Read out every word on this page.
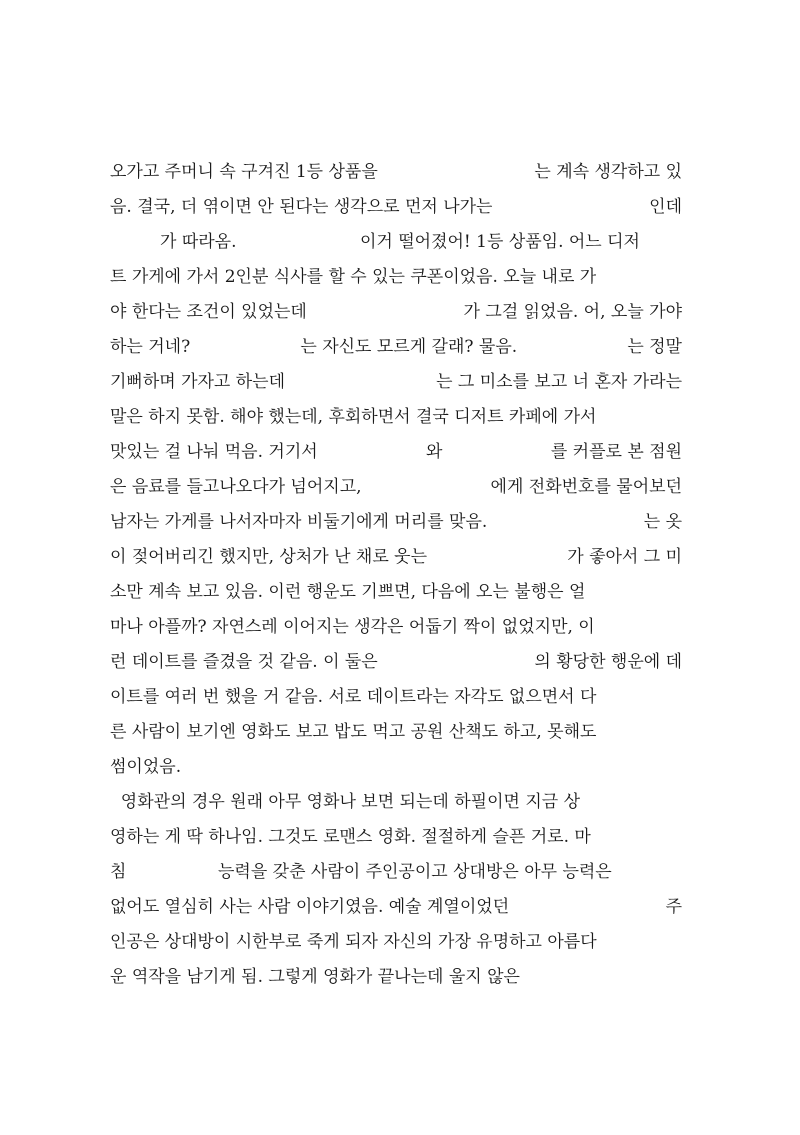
오가고 주머니 속 구겨진 1등 상품을	는 계속 생각하고 있
음. 결국, 더 엮이면 안 된다는 생각으로 먼저 나가는	인데
가 따라옴.	이거 떨어졌어! 1등 상품임. 어느 디저
트 가게에 가서 2인분 식사를 할 수 있는 쿠폰이었음. 오늘 내로 가
야 한다는 조건이 있었는데	가 그걸 읽었음. 어, 오늘 가야
하는 거네?	는 자신도 모르게 갈래? 물음.	는 정말
기뻐하며 가자고 하는데	는 그 미소를 보고 너 혼자 가라는
말은 하지 못함. 해야 했는데, 후회하면서 결국 디저트 카페에 가서
맛있는 걸 나눠 먹음. 거기서	와	를 커플로 본 점원
은 음료를 들고나오다가 넘어지고,	에게 전화번호를 물어보던
남자는 가게를 나서자마자 비둘기에게 머리를 맞음.	는 옷
이 젖어버리긴 했지만, 상처가 난 채로 웃는	가 좋아서 그 미
소만 계속 보고 있음. 이런 행운도 기쁘면, 다음에 오는 불행은 얼
마나 아플까? 자연스레 이어지는 생각은 어둡기 짝이 없었지만, 이
런 데이트를 즐겼을 것 같음. 이 둘은	의 황당한 행운에 데
이트를 여러 번 했을 거 같음. 서로 데이트라는 자각도 없으면서 다
른 사람이 보기엔 영화도 보고 밥도 먹고 공원 산책도 하고, 못해도
썸이었음.
영화관의 경우 원래 아무 영화나 보면 되는데 하필이면 지금 상
영하는 게 딱 하나임. 그것도 로맨스 영화. 절절하게 슬픈 거로. 마
침	능력을 갖춘 사람이 주인공이고 상대방은 아무 능력은
없어도 열심히 사는 사람 이야기였음. 예술 계열이었던	주
인공은 상대방이 시한부로 죽게 되자 자신의 가장 유명하고 아름다
운 역작을 남기게 됨. 그렇게 영화가 끝나는데 울지 않은
